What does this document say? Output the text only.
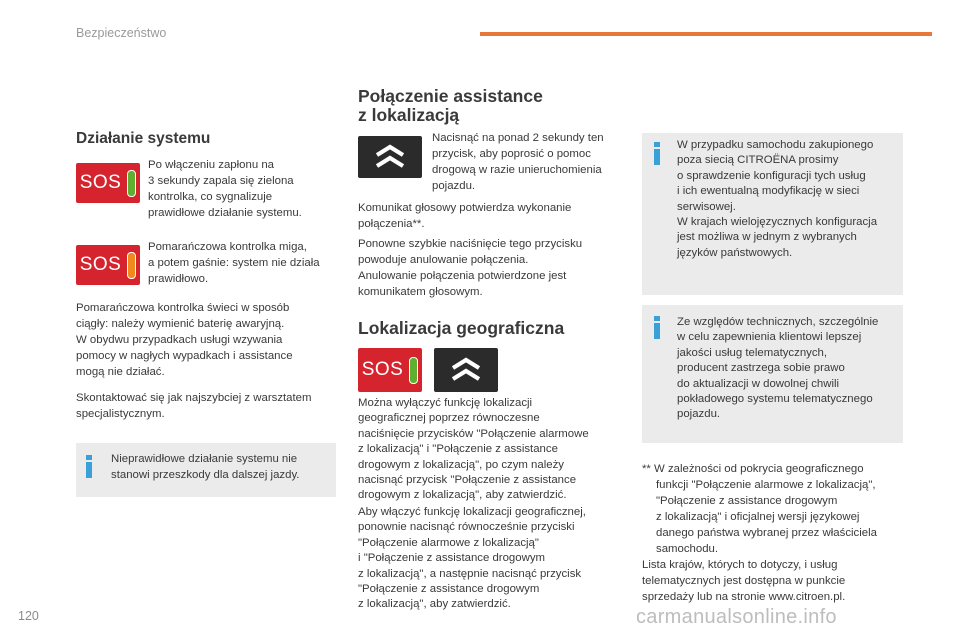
Bezpieczeństwo
Działanie systemu
SOS
Po włączeniu zapłonu na
3 sekundy zapala się zielona
kontrolka, co sygnalizuje
prawidłowe działanie systemu.
SOS
Pomarańczowa kontrolka miga,
a potem gaśnie: system nie działa
prawidłowo.
Pomarańczowa kontrolka świeci w sposób
ciągły: należy wymienić baterię awaryjną.
W obydwu przypadkach usługi wzywania
pomocy w nagłych wypadkach i assistance
mogą nie działać.
Skontaktować się jak najszybciej z warsztatem
specjalistycznym.
Nieprawidłowe działanie systemu nie
stanowi przeszkody dla dalszej jazdy.
Połączenie assistance
z lokalizacją
Nacisnąć na ponad 2 sekundy ten
przycisk, aby poprosić o pomoc
drogową w razie unieruchomienia
pojazdu.
Komunikat głosowy potwierdza wykonanie
połączenia**.
Ponowne szybkie naciśnięcie tego przycisku
powoduje anulowanie połączenia.
Anulowanie połączenia potwierdzone jest
komunikatem głosowym.
Lokalizacja geograficzna
SOS
Można wyłączyć funkcję lokalizacji
geograficznej poprzez równoczesne
naciśnięcie przycisków "Połączenie alarmowe
z lokalizacją" i "Połączenie z assistance
drogowym z lokalizacją", po czym należy
nacisnąć przycisk "Połączenie z assistance
drogowym z lokalizacją", aby zatwierdzić.
Aby włączyć funkcję lokalizacji geograficznej,
ponownie nacisnąć równocześnie przyciski
"Połączenie alarmowe z lokalizacją"
i "Połączenie z assistance drogowym
z lokalizacją", a następnie nacisnąć przycisk
"Połączenie z assistance drogowym
z lokalizacją", aby zatwierdzić.
W przypadku samochodu zakupionego
poza siecią CITROËNA prosimy
o sprawdzenie konfiguracji tych usług
i ich ewentualną modyfikację w sieci
serwisowej.
W krajach wielojęzycznych konfiguracja
jest możliwa w jednym z wybranych
języków państwowych.
Ze względów technicznych, szczególnie
w celu zapewnienia klientowi lepszej
jakości usług telematycznych,
producent zastrzega sobie prawo
do aktualizacji w dowolnej chwili
pokładowego systemu telematycznego
pojazdu.
** W zależności od pokrycia geograficznego
funkcji "Połączenie alarmowe z lokalizacją",
"Połączenie z assistance drogowym
z lokalizacją" i oficjalnej wersji językowej
danego państwa wybranej przez właściciela
samochodu.
Lista krajów, których to dotyczy, i usług
telematycznych jest dostępna w punkcie
sprzedaży lub na stronie www.citroen.pl.
120	carmanualsonline.info
